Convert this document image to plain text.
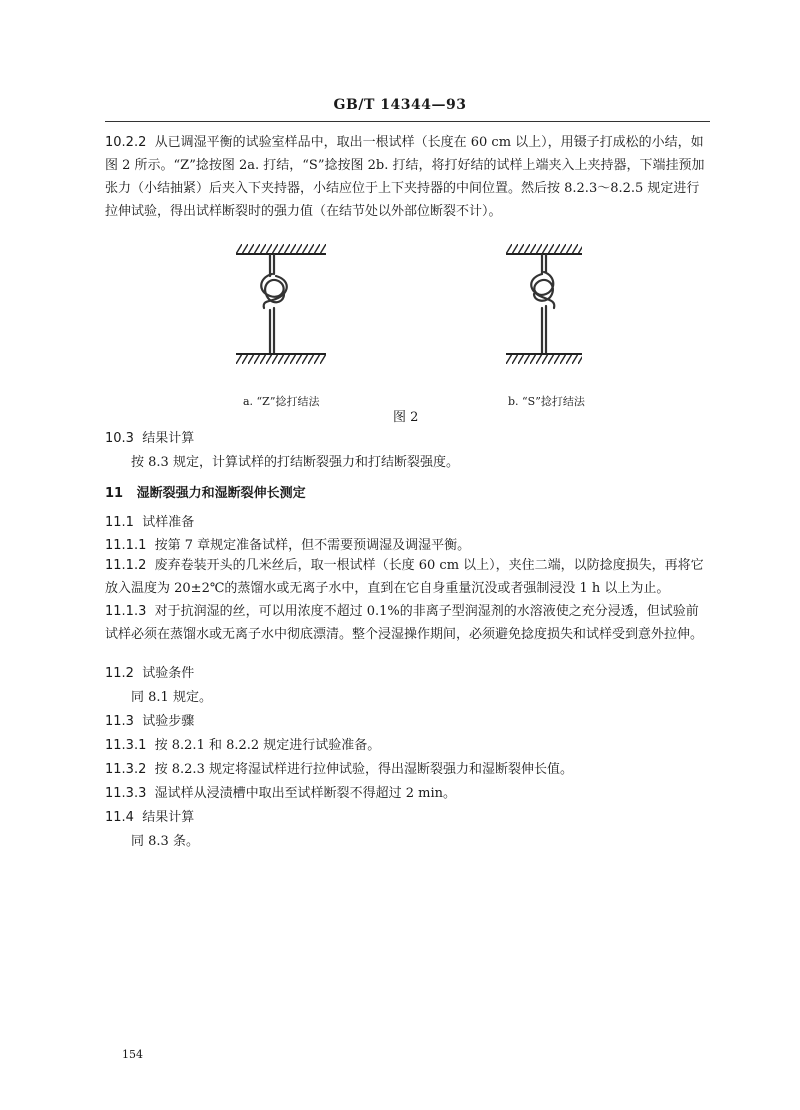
GB/T 14344—93
10.2.2 从已调湿平衡的试验室样品中，取出一根试样（长度在 60 cm 以上），用镊子打成松的小结，如图 2 所示。“Z”捻按图 2a. 打结，“S”捻按图 2b. 打结，将打好结的试样上端夹入上夹持器，下端挂预加张力（小结抽紧）后夹入下夹持器，小结应位于上下夹持器的中间位置。然后按 8.2.3～8.2.5 规定进行拉伸试验，得出试样断裂时的强力值（在结节处以外部位断裂不计）。
a. “Z”捻打结法	b. “S”捻打结法
图 2
10.3 结果计算
按 8.3 规定，计算试样的打结断裂强力和打结断裂强度。
11 湿断裂强力和湿断裂伸长测定
11.1 试样准备
11.1.1 按第 7 章规定准备试样，但不需要预调湿及调湿平衡。
11.1.2 废弃卷装开头的几米丝后，取一根试样（长度 60 cm 以上），夹住二端，以防捻度损失，再将它放入温度为 20±2℃的蒸馏水或无离子水中，直到在它自身重量沉没或者强制浸没 1 h 以上为止。
11.1.3 对于抗润湿的丝，可以用浓度不超过 0.1%的非离子型润湿剂的水溶液使之充分浸透，但试验前试样必须在蒸馏水或无离子水中彻底漂清。整个浸湿操作期间，必须避免捻度损失和试样受到意外拉伸。
11.2 试验条件
同 8.1 规定。
11.3 试验步骤
11.3.1 按 8.2.1 和 8.2.2 规定进行试验准备。
11.3.2 按 8.2.3 规定将湿试样进行拉伸试验，得出湿断裂强力和湿断裂伸长值。
11.3.3 湿试样从浸渍槽中取出至试样断裂不得超过 2 min。
11.4 结果计算
同 8.3 条。
154
